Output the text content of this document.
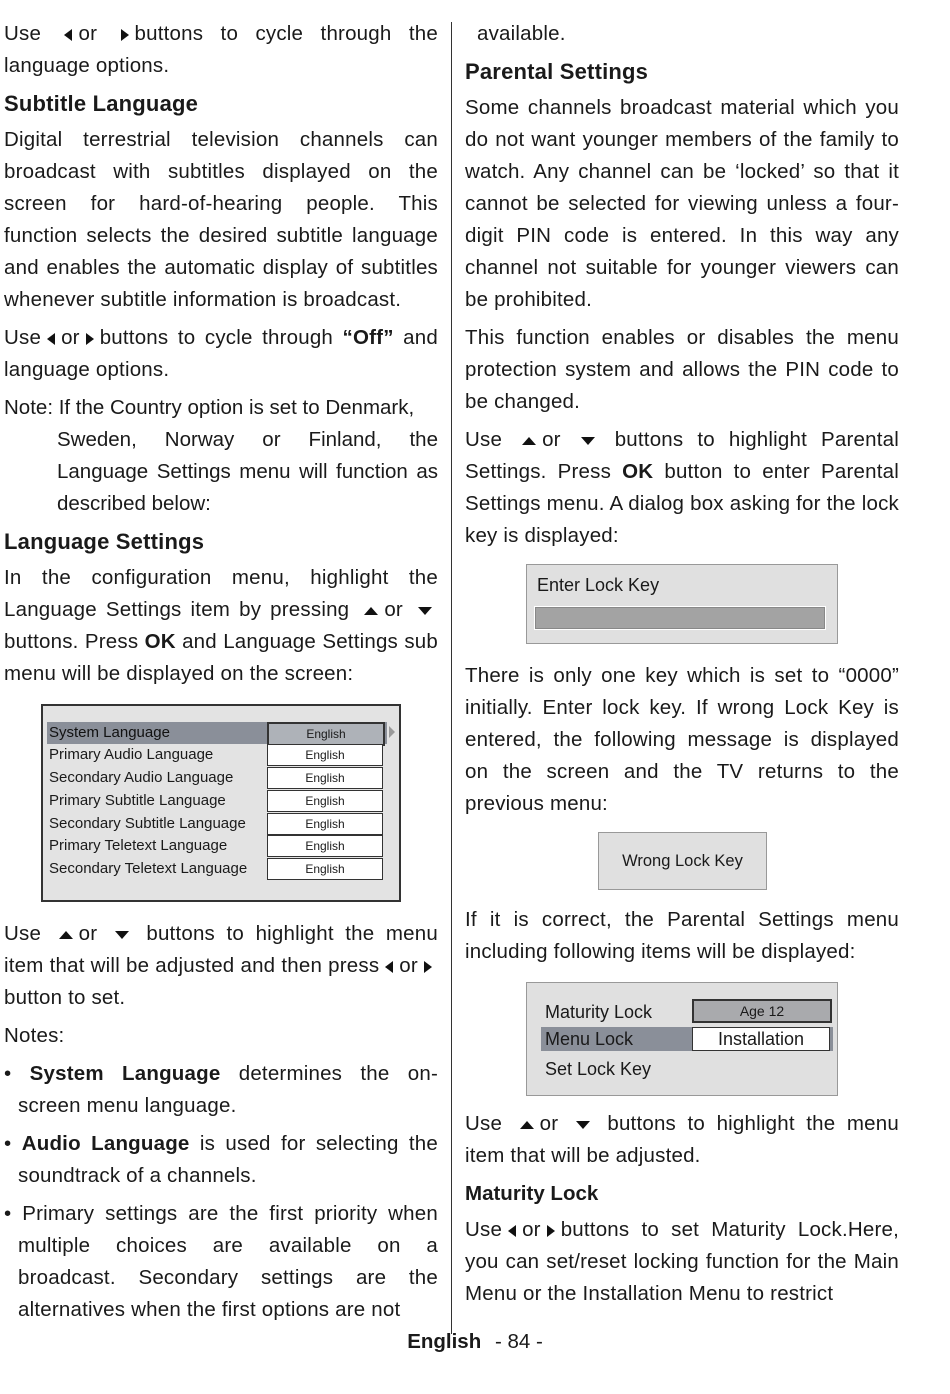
Use or buttons to cycle through the language options.

Subtitle Language

Digital terrestrial television channels can broadcast with subtitles displayed on the screen for hard-of-hearing people. This function selects the desired subtitle language and enables the automatic display of subtitles whenever subtitle information is broadcast.

Use or buttons to cycle through “Off” and language options.

Note: If the Country option is set to Denmark,
Sweden, Norway or Finland, the Language Settings menu will function as described below:
Language Settings

In the configuration menu, highlight the Language Settings item by pressing or  buttons. Press OK and Language Settings sub menu will be displayed on the screen:

System Language	English
Primary Audio Language	English
Secondary Audio Language	English
Primary Subtitle Language	English
Secondary Subtitle Language	English
Primary Teletext Language	English
Secondary Teletext Language	English

Use or buttons to highlight the menu item that will be adjusted and then press or button to set.

Notes:

• System Language determines the on-screen menu language.

• Audio Language is used for selecting the soundtrack of a channels.

• Primary settings are the first priority when multiple choices are available on a broadcast. Secondary settings are the alternatives when the first options are not

available.

Parental Settings

Some channels broadcast material which you do not want younger members of the family to watch. Any channel can be ‘locked’ so that it cannot be selected for viewing unless a four-digit PIN code is entered. In this way any channel not suitable for younger viewers can be prohibited.

This function enables or disables the menu protection system and allows the PIN code to be changed.

Use or	buttons to highlight Parental Settings. Press OK button to enter Parental Settings menu. A dialog box asking for the lock key is displayed:

Enter Lock Key

There is only one key which is set to “0000” initially. Enter lock key. If wrong Lock Key is entered, the following message is displayed on the screen and the TV returns to the previous menu:

Wrong Lock Key

If it is correct, the Parental Settings menu including following items will be displayed:

Maturity Lock	Age 12
Menu Lock	Installation
Set Lock Key

Use or buttons to highlight the menu item that will be adjusted.

Maturity Lock

Use or buttons to set Maturity Lock.Here, you can set/reset locking function for the Main Menu or the Installation Menu to restrict

English - 84 -
